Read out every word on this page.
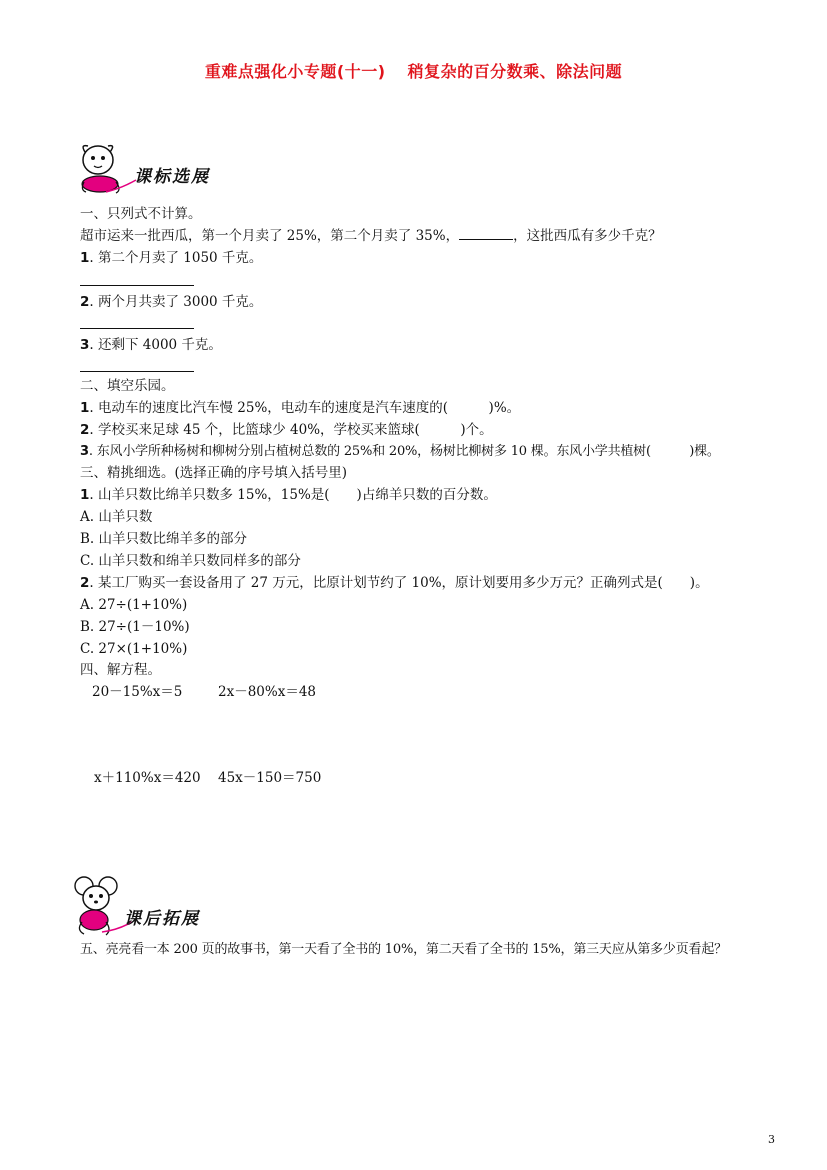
重难点强化小专题(十一) 稍复杂的百分数乘、除法问题
课标选展
一、只列式不计算。
超市运来一批西瓜，第一个月卖了 25%，第二个月卖了 35%，	，这批西瓜有多少千克？
1. 第二个月卖了 1050 千克。
2. 两个月共卖了 3000 千克。
3. 还剩下 4000 千克。
二、填空乐园。
1. 电动车的速度比汽车慢 25%，电动车的速度是汽车速度的(　　　)%。
2. 学校买来足球 45 个，比篮球少 40%，学校买来篮球(　　　)个。
3. 东风小学所种杨树和柳树分别占植树总数的 25%和 20%，杨树比柳树多 10 棵。东风小学共植树(　　　)棵。
三、精挑细选。(选择正确的序号填入括号里)
1. 山羊只数比绵羊只数多 15%，15%是(　　)占绵羊只数的百分数。
A. 山羊只数
B. 山羊只数比绵羊多的部分
C. 山羊只数和绵羊只数同样多的部分
2. 某工厂购买一套设备用了 27 万元，比原计划节约了 10%，原计划要用多少万元？正确列式是(　　)。
A. 27÷(1+10%)
B. 27÷(1－10%)
C. 27×(1+10%)
四、解方程。
20－15%x＝5	2x－80%x＝48
x＋110%x＝420 45x－150＝750
课后拓展
五、亮亮看一本 200 页的故事书，第一天看了全书的 10%，第二天看了全书的 15%，第三天应从第多少页看起？
3
